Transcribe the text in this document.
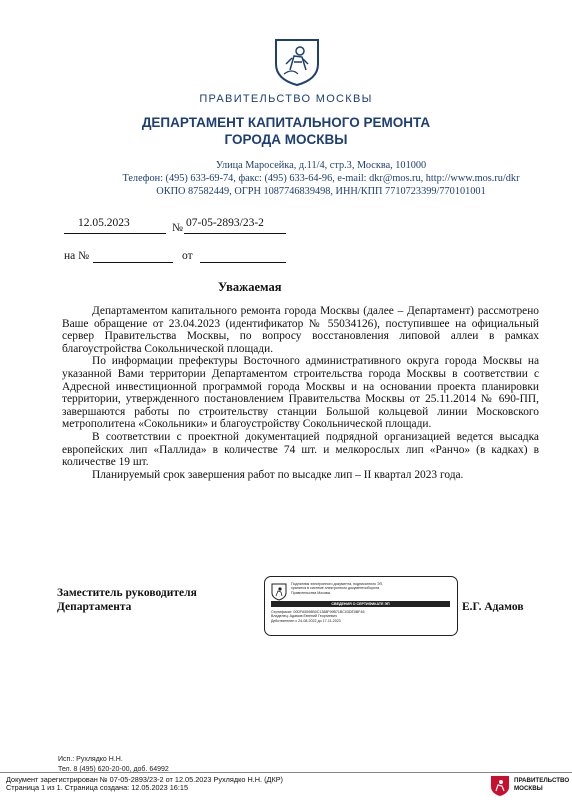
ПРАВИТЕЛЬСТВО МОСКВЫ
ДЕПАРТАМЕНТ КАПИТАЛЬНОГО РЕМОНТА
ГОРОДА МОСКВЫ
Улица Маросейка, д.11/4, стр.3, Москва, 101000
Телефон: (495) 633-69-74, факс: (495) 633-64-96, e-mail: dkr@mos.ru, http://www.mos.ru/dkr
ОКПО 87582449, ОГРН 1087746839498, ИНН/КПП 7710723399/770101001
12.05.2023	№ 07-05-2893/23-2
на №	от
Уважаемая

Департаментом капитального ремонта города Москвы (далее – Департамент) рассмотрено Ваше обращение от 23.04.2023 (идентификатор № 55034126), поступившее на официальный сервер Правительства Москвы, по вопросу восстановления липовой аллеи в рамках благоустройства Сокольнической площади.

По информации префектуры Восточного административного округа города Москвы на указанной Вами территории Департаментом строительства города Москвы в соответствии с Адресной инвестиционной программой города Москвы и на основании проекта планировки территории, утвержденного постановлением Правительства Москвы от 25.11.2014 № 690-ПП, завершаются работы по строительству станции Большой кольцевой линии Московского метрополитена «Сокольники» и благоустройству Сокольнической площади.

В соответствии с проектной документацией подрядной организацией ведется высадка европейских лип «Паллида» в количестве 74 шт. и мелкорослых лип «Ранчо» (в кадках) в количестве 19 шт.

Планируемый срок завершения работ по высадке лип – II квартал 2023 года.

Заместитель руководителя
Департамента	Е.Г. Адамов
Подлинник электронного документа, подписанного ЭП,
хранится в системе электронного документооборота
Правительства Москвы
СВЕДЕНИЯ О СЕРТИФИКАТЕ ЭП
Сертификат: 00DFA5598B0C1388F99B71BC03DE0BF46
Владелец: Адамов Евгений Георгиевич
Действителен с 24-08-2022 до 17-11-2023
Исп.: Рухлядко Н.Н.
Тел. 8 (495) 620-20-00, доб. 64992
Документ зарегистрирован № 07-05-2893/23-2 от 12.05.2023 Рухлядко Н.Н. (ДКР)
Страница 1 из 1. Страница создана: 12.05.2023 16:15
ПРАВИТЕЛЬСТВО
МОСКВЫ
